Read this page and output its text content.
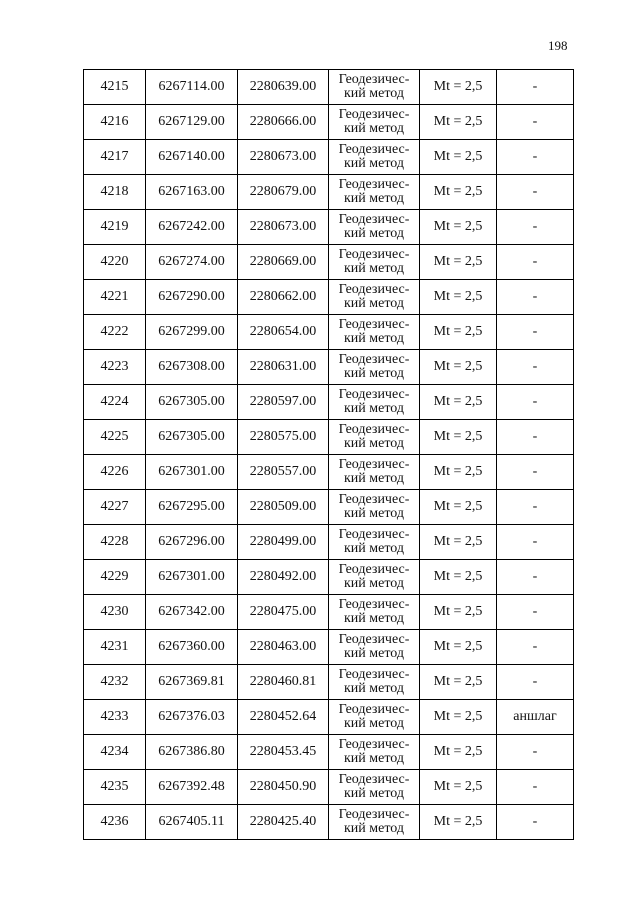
198
4215	6267114.00	2280639.00	Геодезичес-
кий метод	Mt = 2,5	-
4216	6267129.00	2280666.00	Геодезичес-
кий метод	Mt = 2,5	-
4217	6267140.00	2280673.00	Геодезичес-
кий метод	Mt = 2,5	-
4218	6267163.00	2280679.00	Геодезичес-
кий метод	Mt = 2,5	-
4219	6267242.00	2280673.00	Геодезичес-
кий метод	Mt = 2,5	-
4220	6267274.00	2280669.00	Геодезичес-
кий метод	Mt = 2,5	-
4221	6267290.00	2280662.00	Геодезичес-
кий метод	Mt = 2,5	-
4222	6267299.00	2280654.00	Геодезичес-
кий метод	Mt = 2,5	-
4223	6267308.00	2280631.00	Геодезичес-
кий метод	Mt = 2,5	-
4224	6267305.00	2280597.00	Геодезичес-
кий метод	Mt = 2,5	-
4225	6267305.00	2280575.00	Геодезичес-
кий метод	Mt = 2,5	-
4226	6267301.00	2280557.00	Геодезичес-
кий метод	Mt = 2,5	-
4227	6267295.00	2280509.00	Геодезичес-
кий метод	Mt = 2,5	-
4228	6267296.00	2280499.00	Геодезичес-
кий метод	Mt = 2,5	-
4229	6267301.00	2280492.00	Геодезичес-
кий метод	Mt = 2,5	-
4230	6267342.00	2280475.00	Геодезичес-
кий метод	Mt = 2,5	-
4231	6267360.00	2280463.00	Геодезичес-
кий метод	Mt = 2,5	-
4232	6267369.81	2280460.81	Геодезичес-
кий метод	Mt = 2,5	-
4233	6267376.03	2280452.64	Геодезичес-
кий метод	Mt = 2,5	аншлаг
4234	6267386.80	2280453.45	Геодезичес-
кий метод	Mt = 2,5	-
4235	6267392.48	2280450.90	Геодезичес-
кий метод	Mt = 2,5	-
4236	6267405.11	2280425.40	Геодезичес-
кий метод	Mt = 2,5	-
